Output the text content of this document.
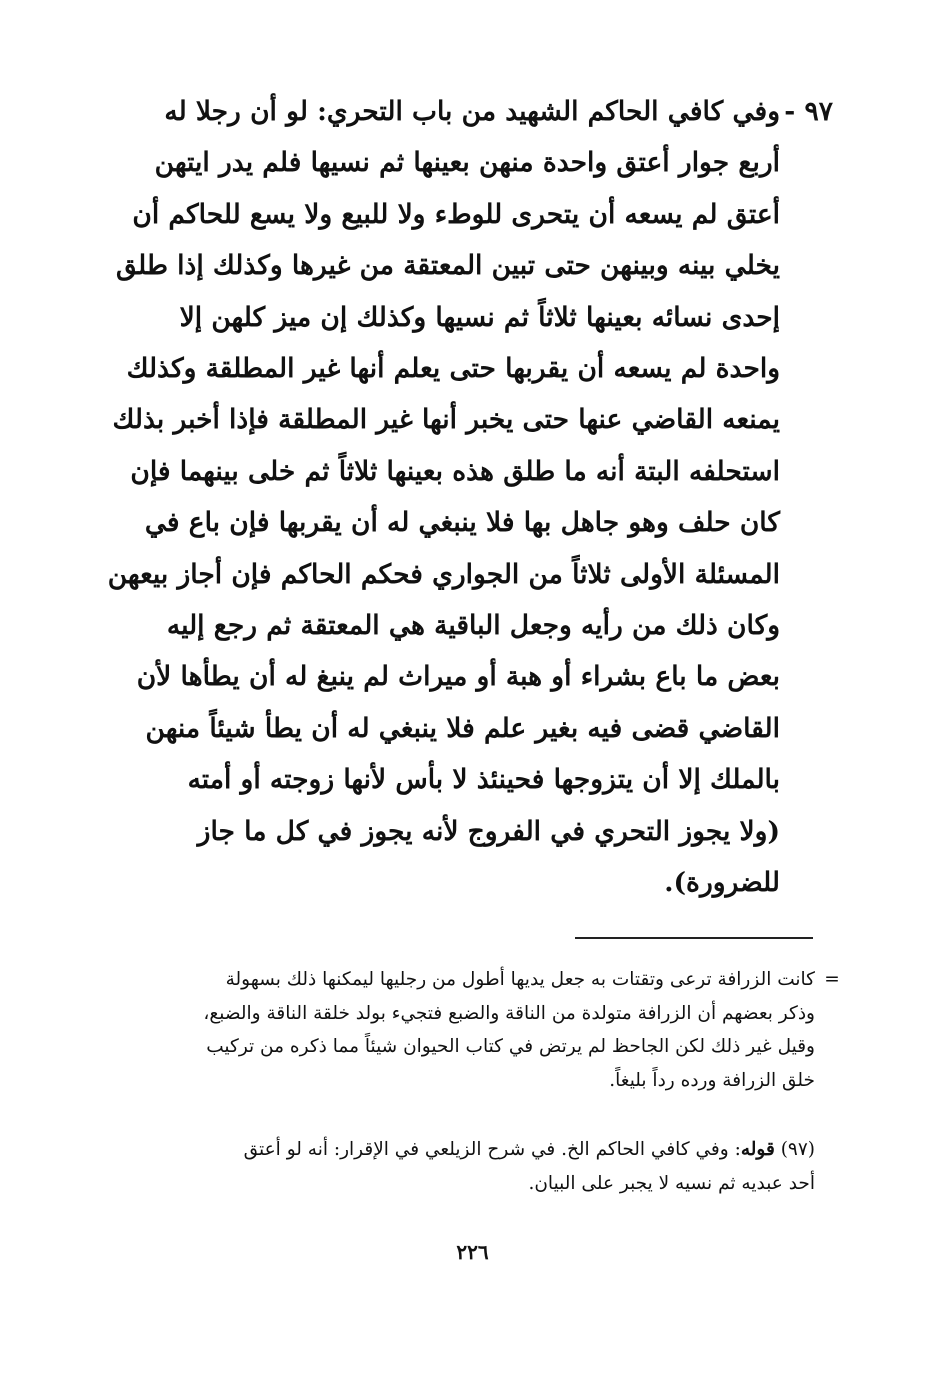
٩٧ -
وفي كافي الحاكم الشهيد من باب التحري: لو أن رجلا له
أربع جوار أعتق واحدة منهن بعينها ثم نسيها فلم يدر ايتهن
أعتق لم يسعه أن يتحرى للوطء ولا للبيع ولا يسع للحاكم أن
يخلي بينه وبينهن حتى تبين المعتقة من غيرها وكذلك إذا طلق
إحدى نسائه بعينها ثلاثاً ثم نسيها وكذلك إن ميز كلهن إلا
واحدة لم يسعه أن يقربها حتى يعلم أنها غير المطلقة وكذلك
يمنعه القاضي عنها حتى يخبر أنها غير المطلقة فإذا أخبر بذلك
استحلفه البتة أنه ما طلق هذه بعينها ثلاثاً ثم خلى بينهما فإن
كان حلف وهو جاهل بها فلا ينبغي له أن يقربها فإن باع في
المسئلة الأولى ثلاثاً من الجواري فحكم الحاكم فإن أجاز بيعهن
وكان ذلك من رأيه وجعل الباقية هي المعتقة ثم رجع إليه
بعض ما باع بشراء أو هبة أو ميراث لم ينبغ له أن يطأها لأن
القاضي قضى فيه بغير علم فلا ينبغي له أن يطأ شيئاً منهن
بالملك إلا أن يتزوجها فحينئذ لا بأس لأنها زوجته أو أمته
(ولا يجوز التحري في الفروج لأنه يجوز في كل ما جاز
للضرورة).
=
كانت الزرافة ترعى وتقتات به جعل يديها أطول من رجليها ليمكنها ذلك بسهولة
وذكر بعضهم أن الزرافة متولدة من الناقة والضبع فتجيء بولد خلقة الناقة والضبع،
وقيل غير ذلك لكن الجاحظ لم يرتض في كتاب الحيوان شيئاً مما ذكره من تركيب
خلق الزرافة ورده رداً بليغاً.
(٩٧) قوله: وفي كافي الحاكم الخ. في شرح الزيلعي في الإقرار: أنه لو أعتق
أحد عبديه ثم نسيه لا يجبر على البيان.
٢٢٦
